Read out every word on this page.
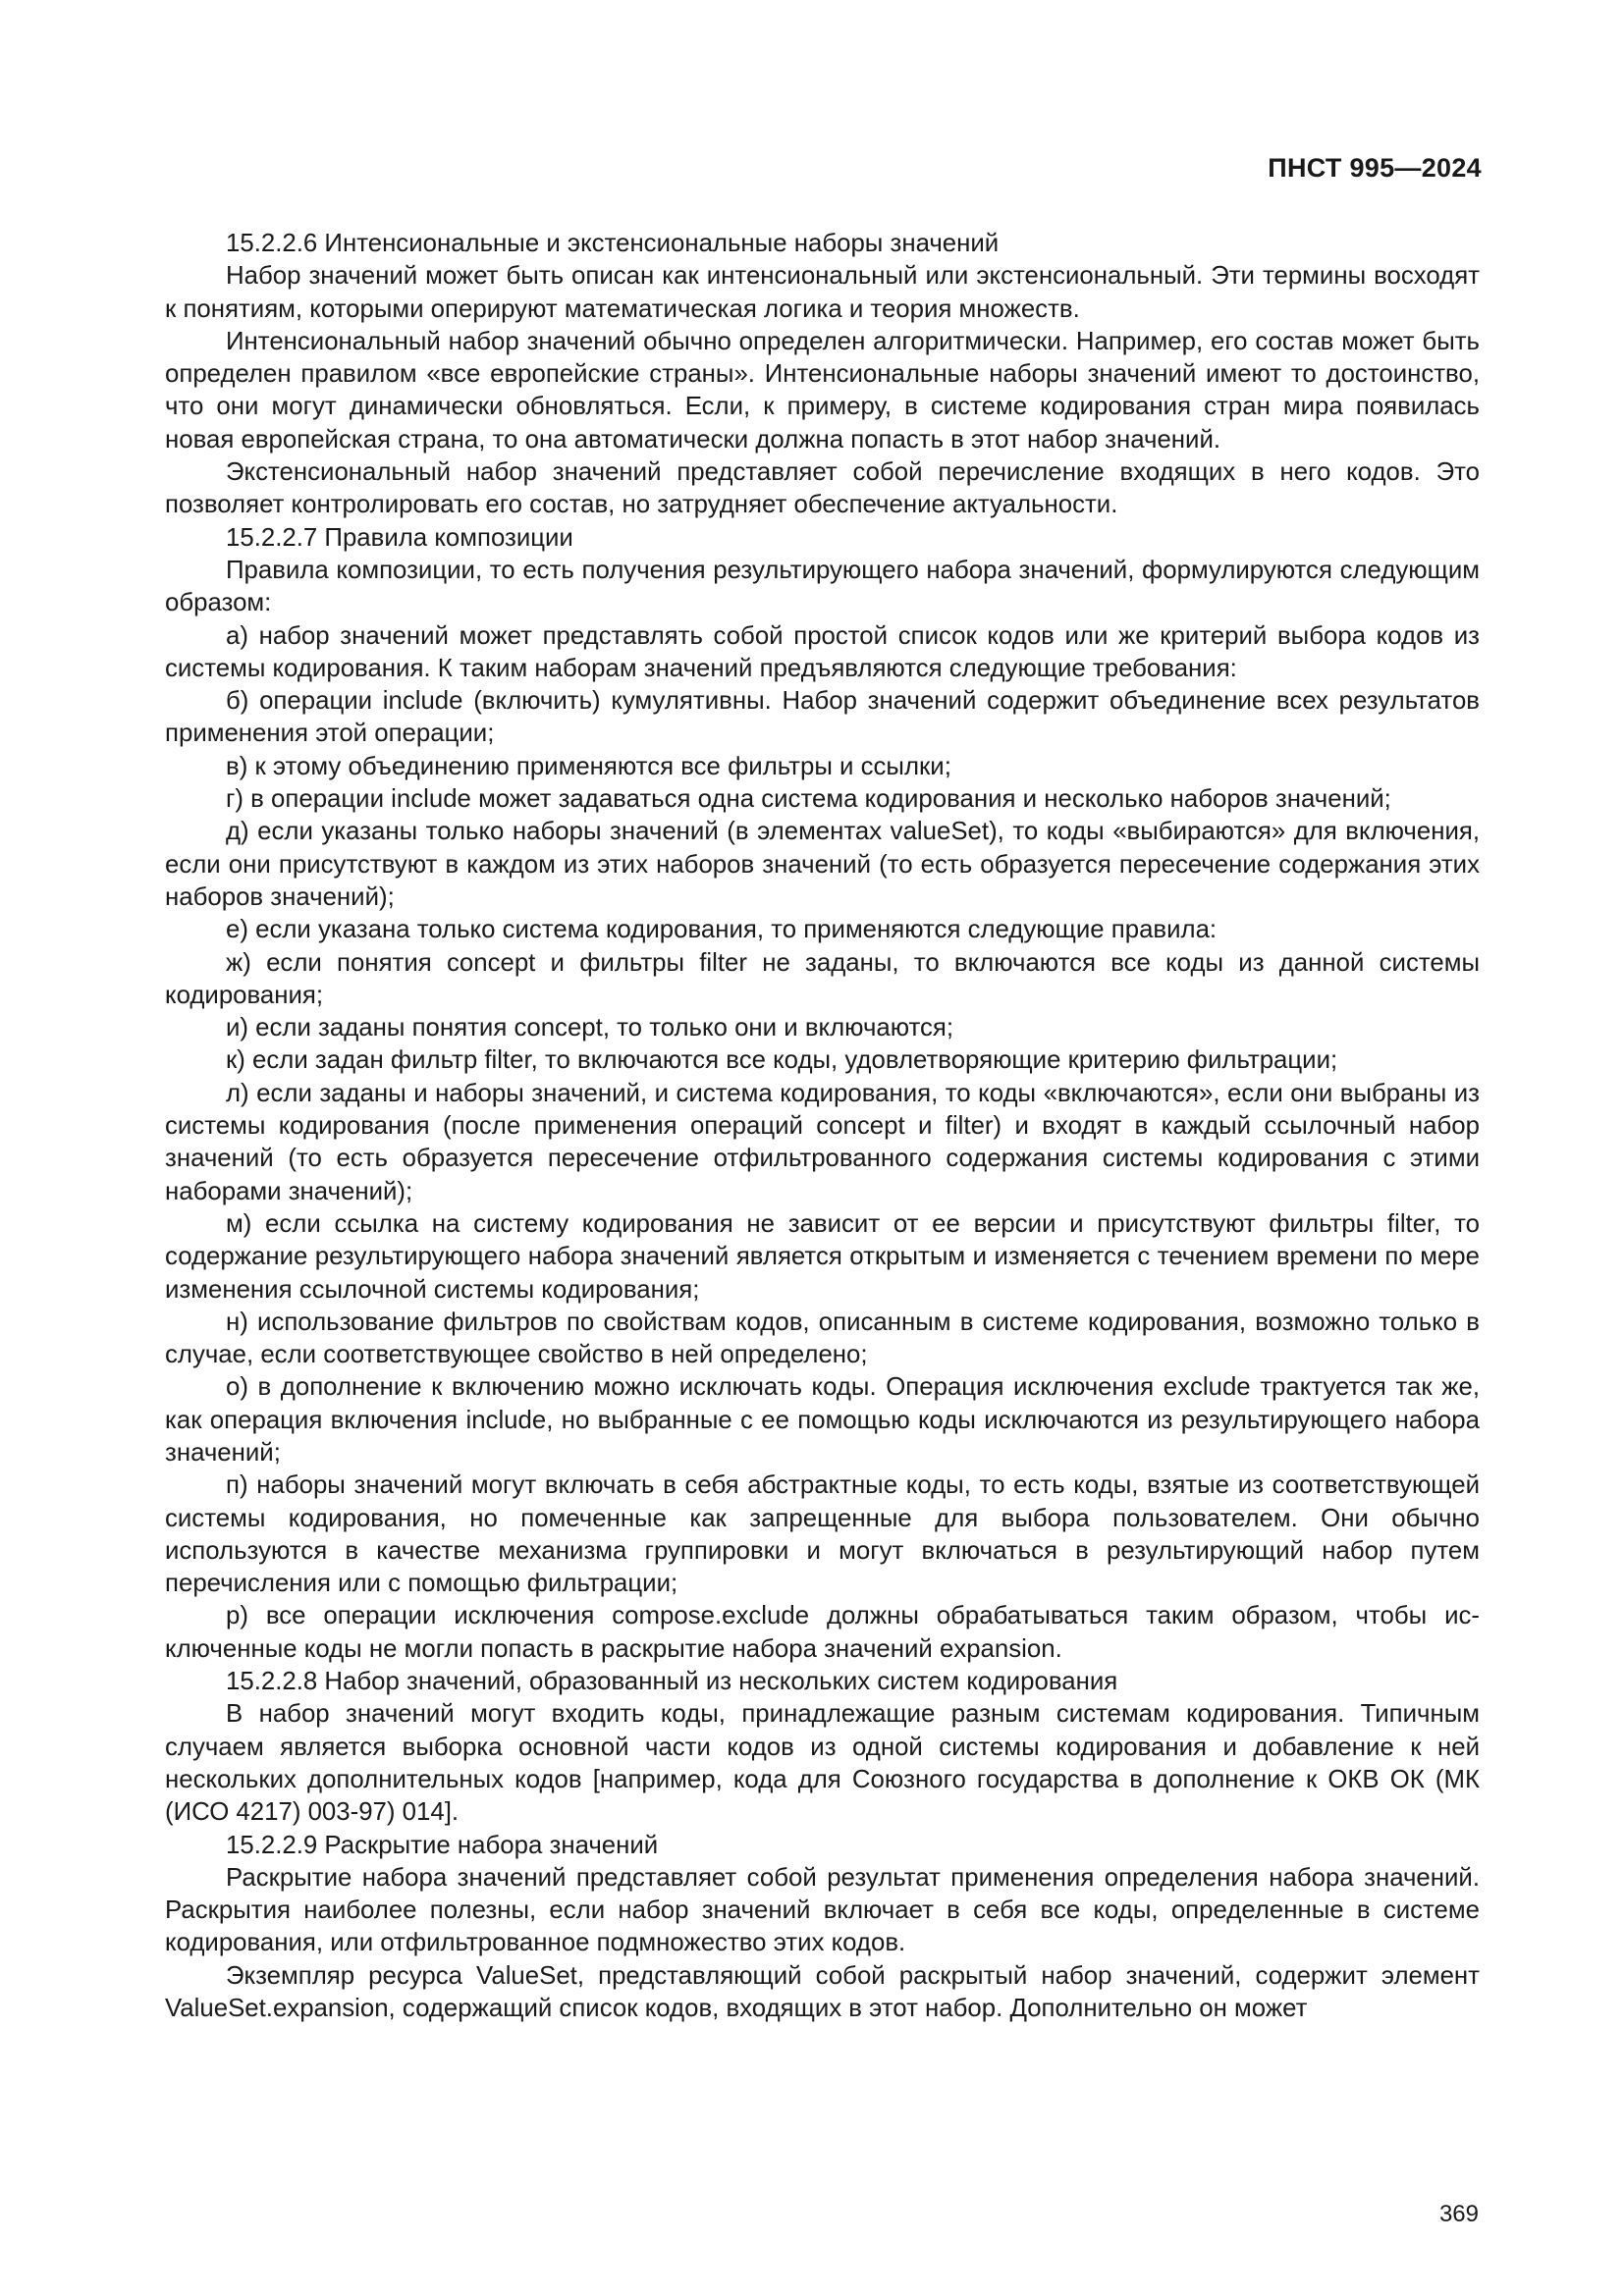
ПНСТ 995—2024

15.2.2.6 Интенсиональные и экстенсиональные наборы значений

Набор значений может быть описан как интенсиональный или экстенсиональный. Эти термины восходят к понятиям, которыми оперируют математическая логика и теория множеств.

Интенсиональный набор значений обычно определен алгоритмически. Например, его состав может быть определен правилом «все европейские страны». Интенсиональные наборы значений имеют то достоинство, что они могут динамически обновляться. Если, к примеру, в системе кодирования стран мира появилась новая европейская страна, то она автоматически должна попасть в этот набор значений.

Экстенсиональный набор значений представляет собой перечисление входящих в него кодов. Это позволяет контролировать его состав, но затрудняет обеспечение актуальности.

15.2.2.7 Правила композиции

Правила композиции, то есть получения результирующего набора значений, формулируются следующим образом:

а) набор значений может представлять собой простой список кодов или же критерий выбора кодов из системы кодирования. К таким наборам значений предъявляются следующие требования:

б) операции include (включить) кумулятивны. Набор значений содержит объединение всех результатов применения этой операции;

в) к этому объединению применяются все фильтры и ссылки;

г) в операции include может задаваться одна система кодирования и несколько наборов значений;

д) если указаны только наборы значений (в элементах valueSet), то коды «выбираются» для включения, если они присутствуют в каждом из этих наборов значений (то есть образуется пересечение содержания этих наборов значений);

е) если указана только система кодирования, то применяются следующие правила:

ж) если понятия concept и фильтры filter не заданы, то включаются все коды из данной системы кодирования;

и) если заданы понятия concept, то только они и включаются;

к) если задан фильтр filter, то включаются все коды, удовлетворяющие критерию фильтрации;

л) если заданы и наборы значений, и система кодирования, то коды «включаются», если они выбраны из системы кодирования (после применения операций concept и filter) и входят в каждый ссылочный набор значений (то есть образуется пересечение отфильтрованного содержания системы кодирования с этими наборами значений);

м) если ссылка на систему кодирования не зависит от ее версии и присутствуют фильтры filter, то содержание результирующего набора значений является открытым и изменяется с течением времени по мере изменения ссылочной системы кодирования;

н) использование фильтров по свойствам кодов, описанным в системе кодирования, возможно только в случае, если соответствующее свойство в ней определено;

о) в дополнение к включению можно исключать коды. Операция исключения exclude трактуется так же, как операция включения include, но выбранные с ее помощью коды исключаются из результирующего набора значений;

п) наборы значений могут включать в себя абстрактные коды, то есть коды, взятые из соответствующей системы кодирования, но помеченные как запрещенные для выбора пользователем. Они обычно используются в качестве механизма группировки и могут включаться в результирующий набор путем перечисления или с помощью фильтрации;

р) все операции исключения compose.exclude должны обрабатываться таким образом, чтобы исключенные коды не могли попасть в раскрытие набора значений expansion.

15.2.2.8 Набор значений, образованный из нескольких систем кодирования

В набор значений могут входить коды, принадлежащие разным системам кодирования. Типичным случаем является выборка основной части кодов из одной системы кодирования и добавление к ней нескольких дополнительных кодов [например, кода для Союзного государства в дополнение к ОКВ ОК (МК (ИСО 4217) 003-97) 014].

15.2.2.9 Раскрытие набора значений

Раскрытие набора значений представляет собой результат применения определения набора значений. Раскрытия наиболее полезны, если набор значений включает в себя все коды, определенные в системе кодирования, или отфильтрованное подмножество этих кодов.

Экземпляр ресурса ValueSet, представляющий собой раскрытый набор значений, содержит элемент ValueSet.expansion, содержащий список кодов, входящих в этот набор. Дополнительно он может

369
